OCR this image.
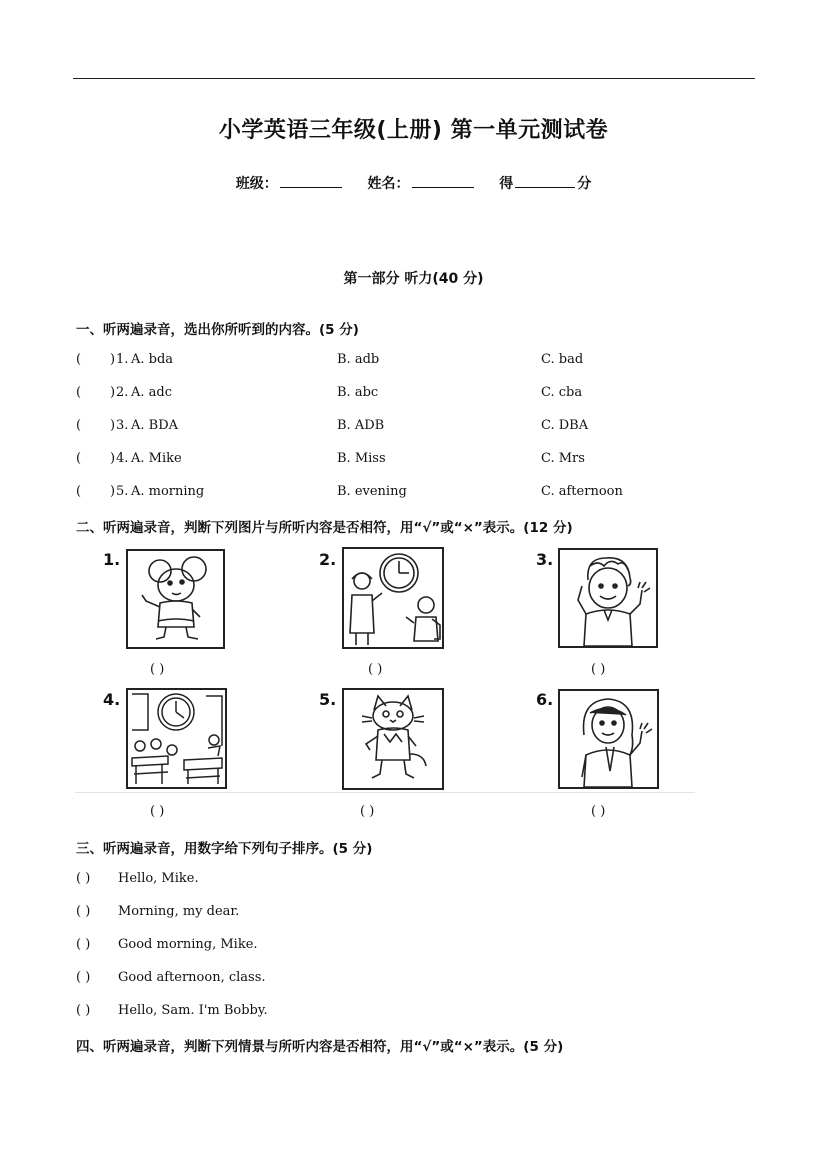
小学英语三年级(上册) 第一单元测试卷
班级：	姓名：	得	分
第一部分 听力(40 分)
一、听两遍录音，选出你所听到的内容。(5 分)
( ) 1. A. bda	B. adb	C. bad
( ) 2. A. adc	B. abc	C. cba
( ) 3. A. BDA	B. ADB	C. DBA
( ) 4. A. Mike	B. Miss	C. Mrs
( ) 5. A. morning	B. evening	C. afternoon
二、听两遍录音，判断下列图片与所听内容是否相符，用“√”或“×”表示。(12 分)
1.
( )
2.
( )
3.
( )
4.
( )
5.
( )
6.
( )
三、听两遍录音，用数字给下列句子排序。(5 分)
( ) Hello, Mike.
( ) Morning, my dear.
( ) Good morning, Mike.
( ) Good afternoon, class.
( ) Hello, Sam. I'm Bobby.
四、听两遍录音，判断下列情景与所听内容是否相符，用“√”或“×”表示。(5 分)
